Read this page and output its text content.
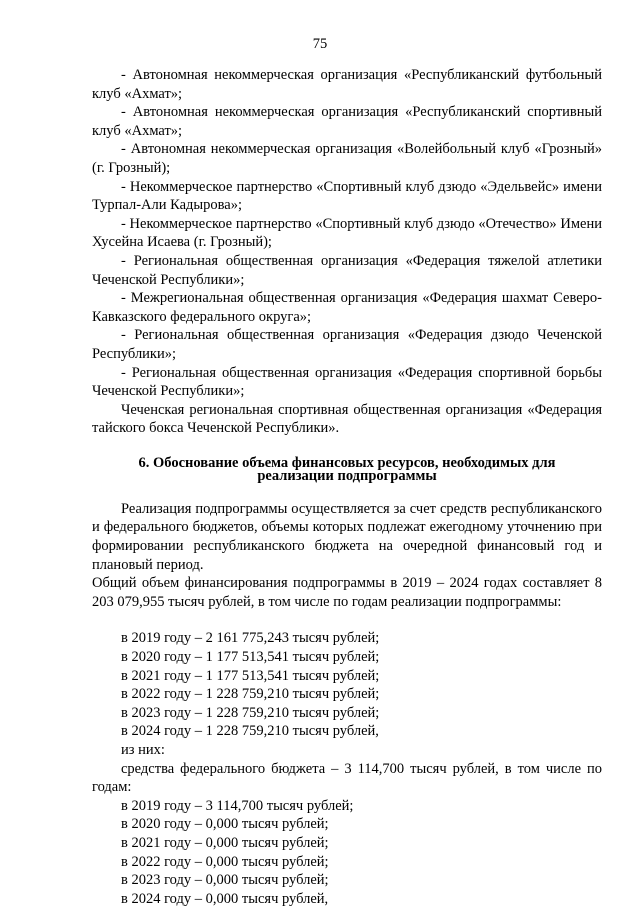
75

- Автономная некоммерческая организация «Республиканский футбольный клуб «Ахмат»;

- Автономная некоммерческая организация «Республиканский спортивный клуб «Ахмат»;

- Автономная некоммерческая организация «Волейбольный клуб «Грозный» (г. Грозный);

- Некоммерческое партнерство «Спортивный клуб дзюдо «Эдельвейс» имени Турпал-Али Кадырова»;

- Некоммерческое партнерство «Спортивный клуб дзюдо «Отечество» Имени Хусейна Исаева (г. Грозный);

- Региональная общественная организация «Федерация тяжелой атлетики Чеченской Республики»;

- Межрегиональная общественная организация «Федерация шахмат Северо-Кавказского федерального округа»;

- Региональная общественная организация «Федерация дзюдо Чеченской Республики»;

- Региональная общественная организация «Федерация спортивной борьбы Чеченской Республики»;

Чеченская региональная спортивная общественная организация «Федерация тайского бокса Чеченской Республики».

6. Обоснование объема финансовых ресурсов, необходимых для реализации подпрограммы

Реализация подпрограммы осуществляется за счет средств республиканского и федерального бюджетов, объемы которых подлежат ежегодному уточнению при формировании республиканского бюджета на очередной финансовый год и плановый период.

Общий объем финансирования подпрограммы в 2019 – 2024 годах составляет 8 203 079,955 тысяч рублей, в том числе по годам реализации подпрограммы:

в 2019 году – 2 161 775,243 тысяч рублей;

в 2020 году – 1 177 513,541 тысяч рублей;

в 2021 году – 1 177 513,541 тысяч рублей;

в 2022 году – 1 228 759,210 тысяч рублей;

в 2023 году – 1 228 759,210 тысяч рублей;

в 2024 году – 1 228 759,210 тысяч рублей,

из них:

средства федерального бюджета – 3 114,700 тысяч рублей, в том числе по годам:

в 2019 году – 3 114,700 тысяч рублей;

в 2020 году – 0,000 тысяч рублей;

в 2021 году – 0,000 тысяч рублей;

в 2022 году – 0,000 тысяч рублей;

в 2023 году – 0,000 тысяч рублей;

в 2024 году – 0,000 тысяч рублей,
